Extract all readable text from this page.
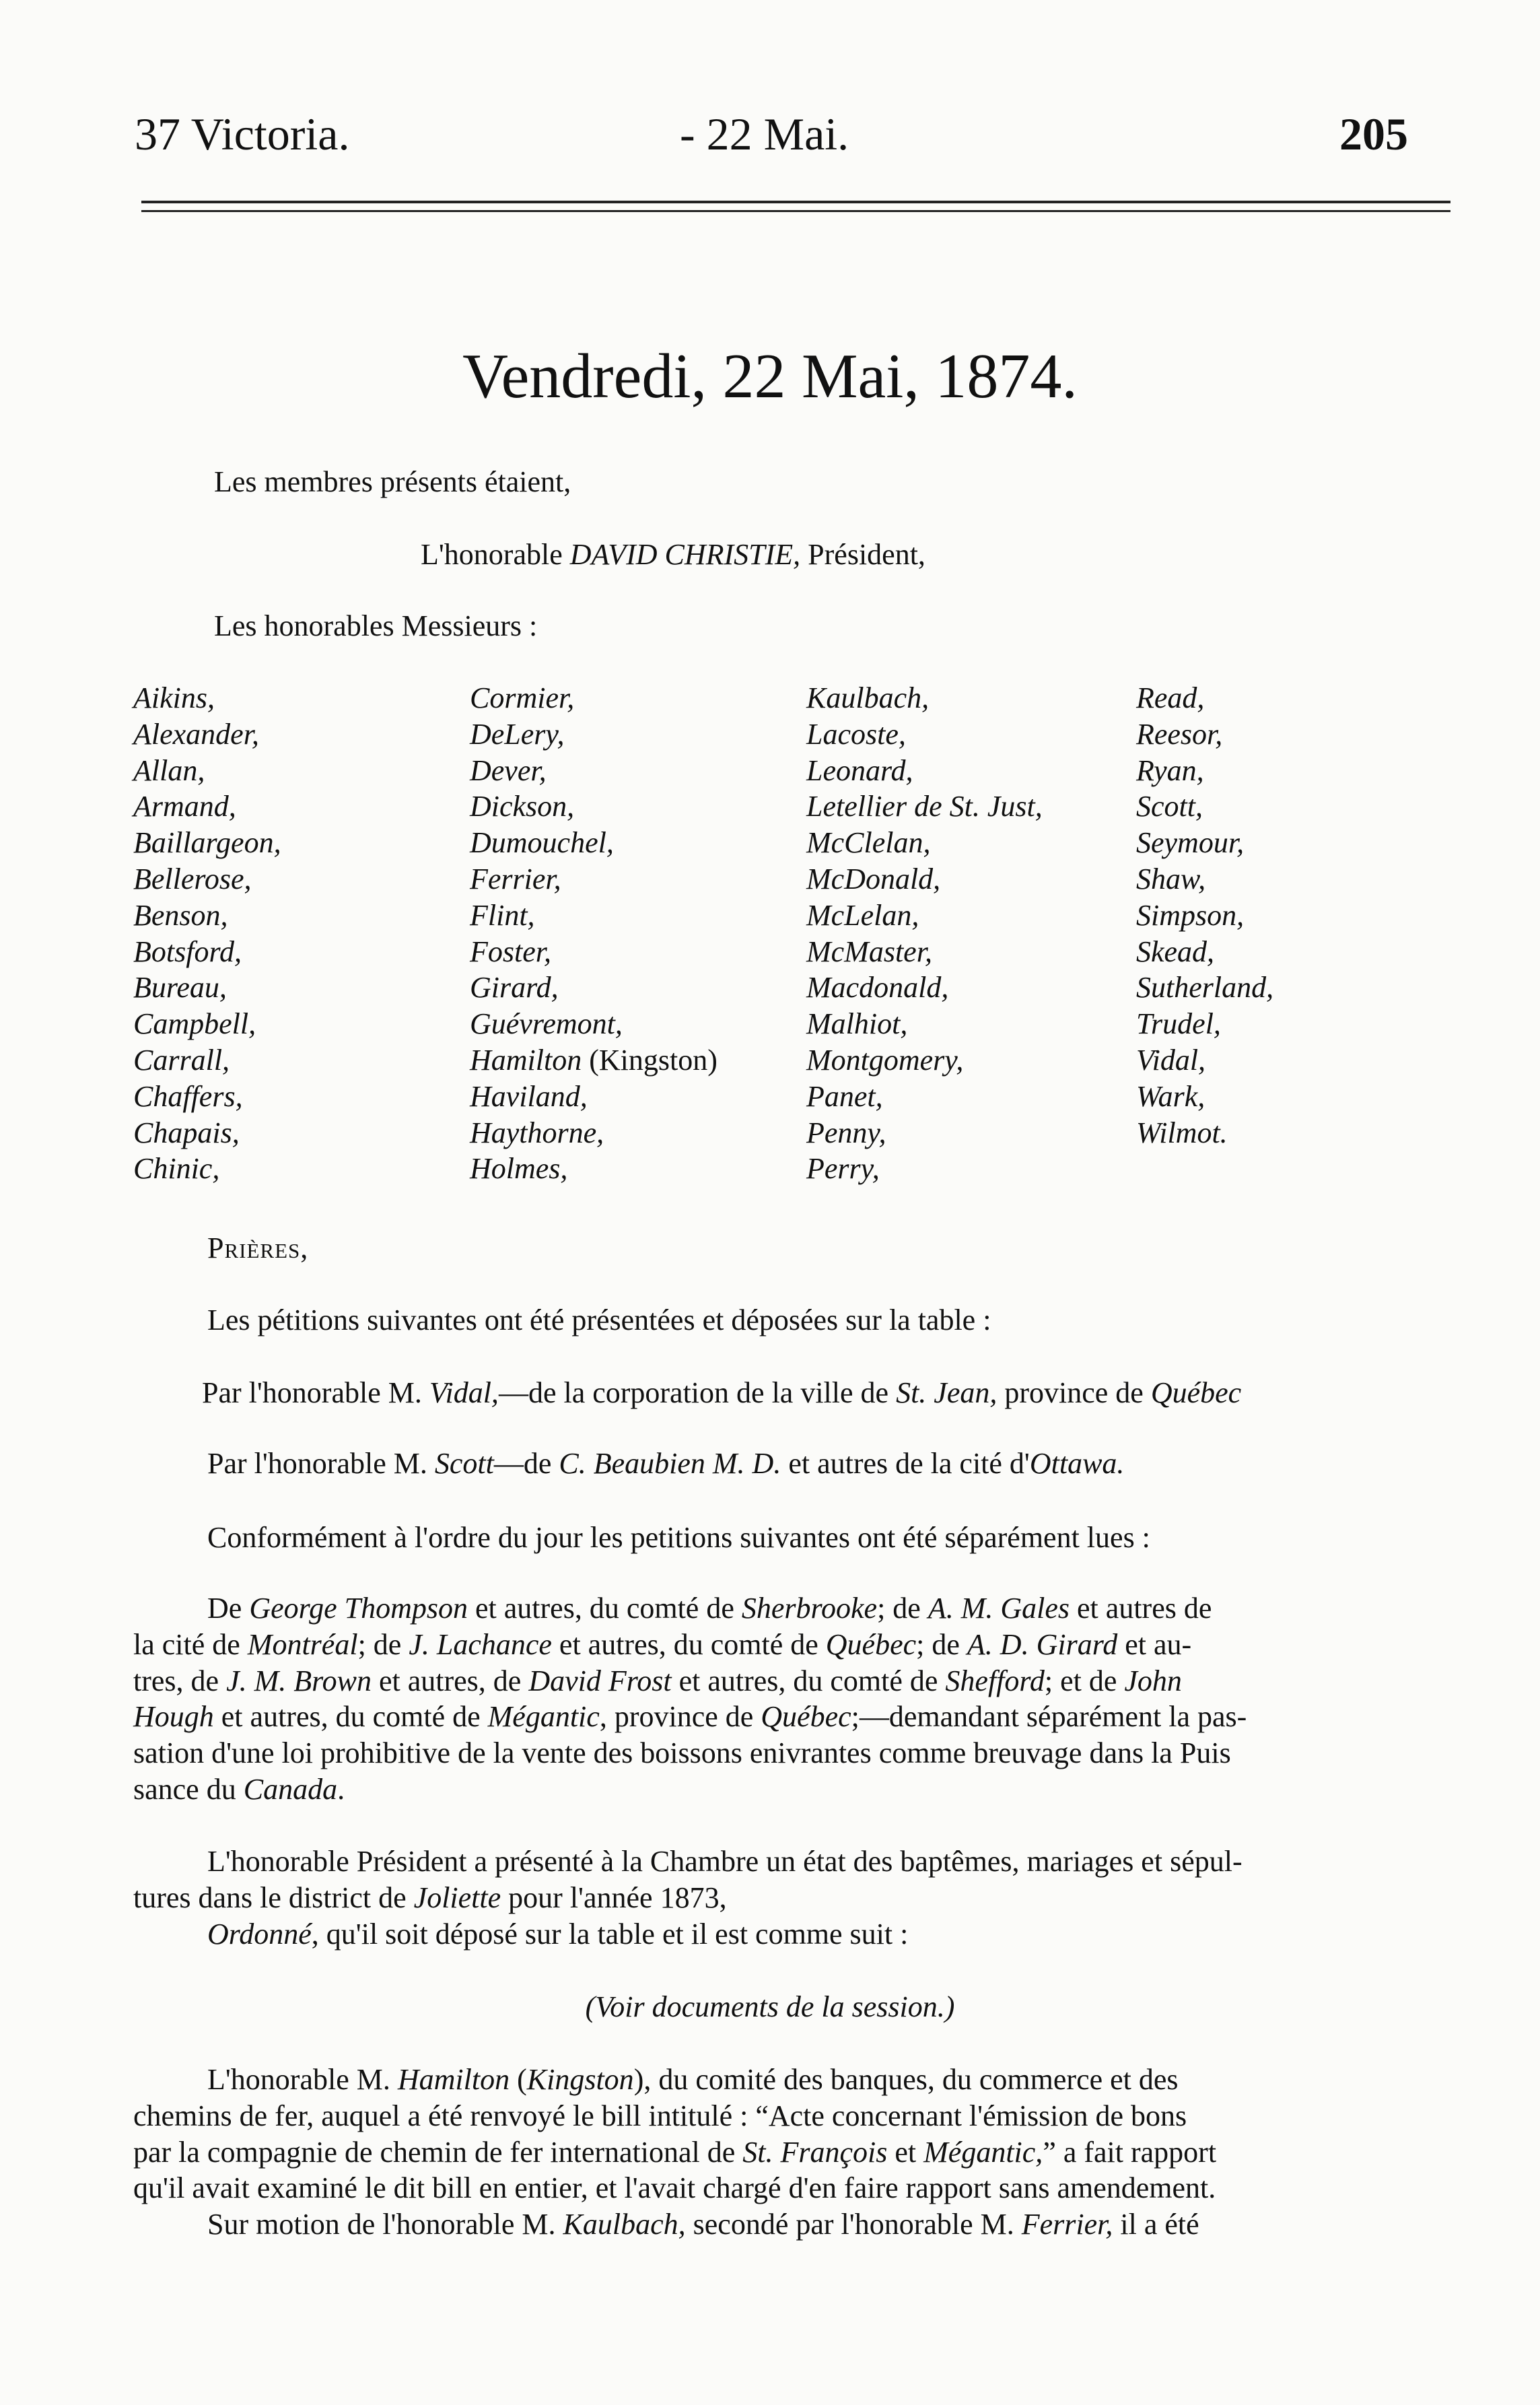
37 Victoria.	- 22 Mai.	205
Vendredi, 22 Mai, 1874.
Les membres présents étaient,
L'honorable DAVID CHRISTIE, Président,
Les honorables Messieurs :
Aikins,
Alexander,
Allan,
Armand,
Baillargeon,
Bellerose,
Benson,
Botsford,
Bureau,
Campbell,
Carrall,
Chaffers,
Chapais,
Chinic,
Cormier,
DeLery,
Dever,
Dickson,
Dumouchel,
Ferrier,
Flint,
Foster,
Girard,
Guévremont,
Hamilton (Kingston)
Haviland,
Haythorne,
Holmes,
Kaulbach,
Lacoste,
Leonard,
Letellier de St. Just,
McClelan,
McDonald,
McLelan,
McMaster,
Macdonald,
Malhiot,
Montgomery,
Panet,
Penny,
Perry,
Read,
Reesor,
Ryan,
Scott,
Seymour,
Shaw,
Simpson,
Skead,
Sutherland,
Trudel,
Vidal,
Wark,
Wilmot.
Prières,
Les pétitions suivantes ont été présentées et déposées sur la table :
Par l'honorable M. Vidal,—de la corporation de la ville de St. Jean, province de Québec
Par l'honorable M. Scott—de C. Beaubien M. D. et autres de la cité d'Ottawa.
Conformément à l'ordre du jour les petitions suivantes ont été séparément lues :
De George Thompson et autres, du comté de Sherbrooke; de A. M. Gales et autres de
la cité de Montréal; de J. Lachance et autres, du comté de Québec; de A. D. Girard et au-
tres, de J. M. Brown et autres, de David Frost et autres, du comté de Shefford; et de John
Hough et autres, du comté de Mégantic, province de Québec;—demandant séparément la pas-
sation d'une loi prohibitive de la vente des boissons enivrantes comme breuvage dans la Puis
sance du Canada.
L'honorable Président a présenté à la Chambre un état des baptêmes, mariages et sépul-
tures dans le district de Joliette pour l'année 1873,
Ordonné, qu'il soit déposé sur la table et il est comme suit :
(Voir documents de la session.)
L'honorable M. Hamilton (Kingston), du comité des banques, du commerce et des
chemins de fer, auquel a été renvoyé le bill intitulé : “Acte concernant l'émission de bons
par la compagnie de chemin de fer international de St. François et Mégantic,” a fait rapport
qu'il avait examiné le dit bill en entier, et l'avait chargé d'en faire rapport sans amendement.
Sur motion de l'honorable M. Kaulbach, secondé par l'honorable M. Ferrier, il a été
